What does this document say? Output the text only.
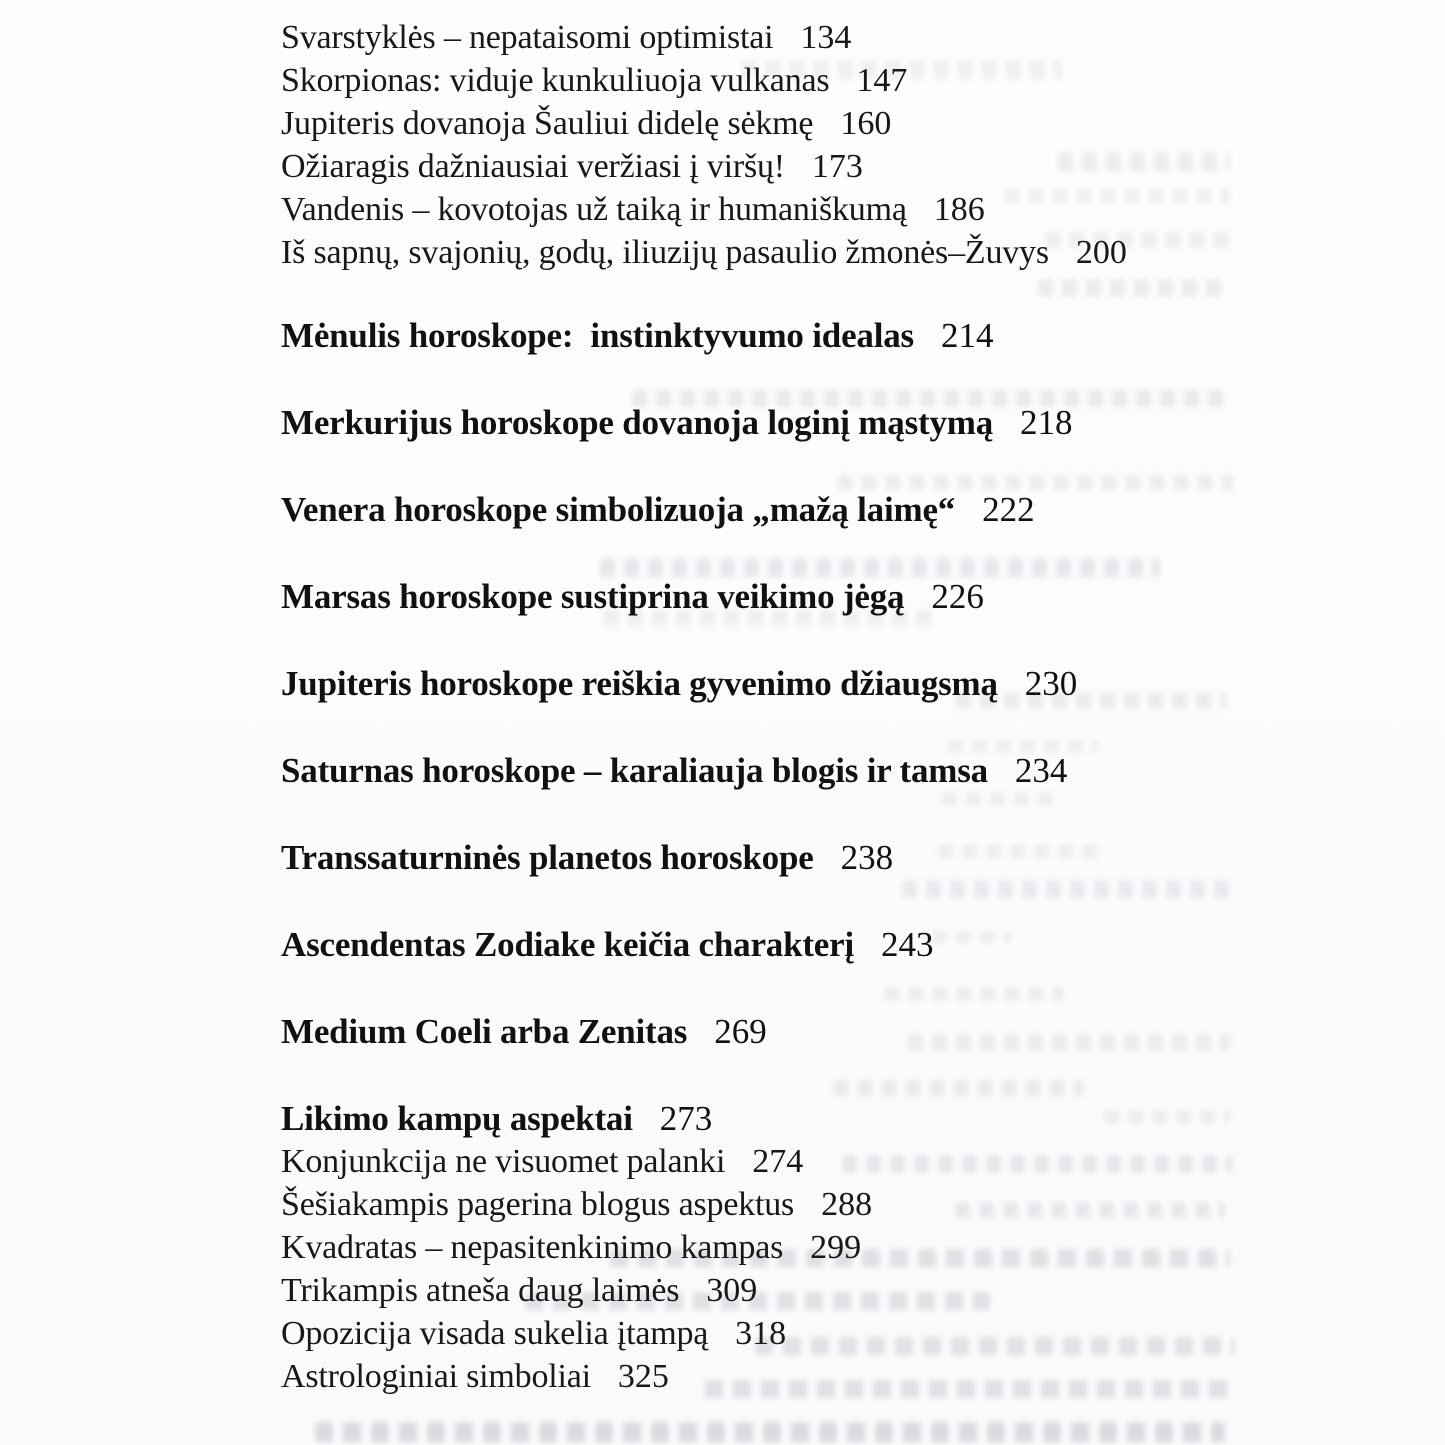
Svarstyklės – nepataisomi optimistai 134
Skorpionas: viduje kunkuliuoja vulkanas 147
Jupiteris dovanoja Šauliui didelę sėkmę 160
Ožiaragis dažniausiai veržiasi į viršų! 173
Vandenis – kovotojas už taiką ir humaniškumą 186
Iš sapnų, svajonių, godų, iliuzijų pasaulio žmonės–Žuvys 200
Mėnulis horoskope:  instinktyvumo idealas 214
Merkurijus horoskope dovanoja loginį mąstymą 218
Venera horoskope simbolizuoja „mažą laimę“ 222
Marsas horoskope sustiprina veikimo jėgą 226
Jupiteris horoskope reiškia gyvenimo džiaugsmą 230
Saturnas horoskope – karaliauja blogis ir tamsa 234
Transsaturninės planetos horoskope 238
Ascendentas Zodiake keičia charakterį 243
Medium Coeli arba Zenitas 269
Likimo kampų aspektai 273
Konjunkcija ne visuomet palanki 274
Šešiakampis pagerina blogus aspektus 288
Kvadratas – nepasitenkinimo kampas 299
Trikampis atneša daug laimės 309
Opozicija visada sukelia įtampą 318
Astrologiniai simboliai 325
